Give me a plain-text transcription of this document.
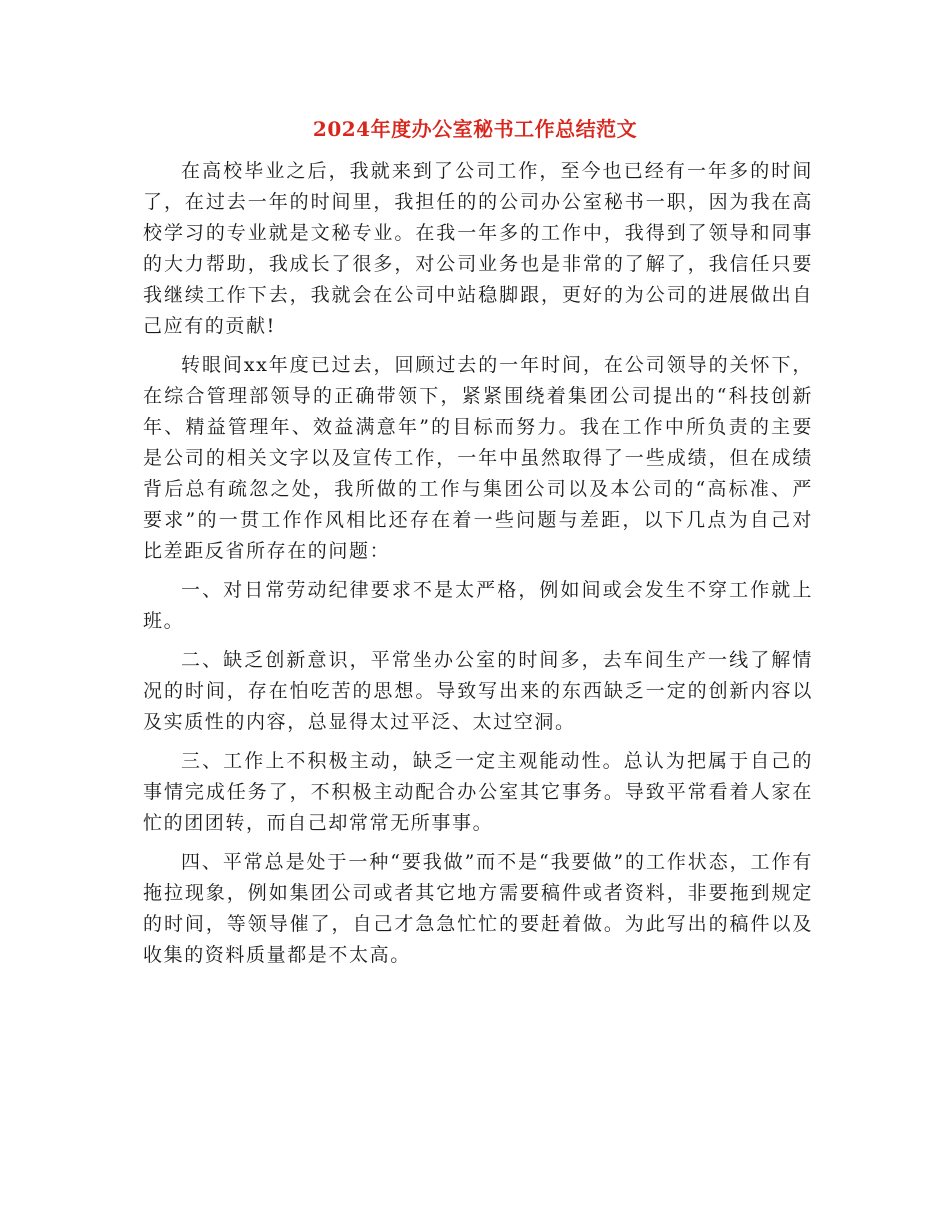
2024年度办公室秘书工作总结范文

在高校毕业之后，我就来到了公司工作，至今也已经有一年多的时间了，在过去一年的时间里，我担任的的公司办公室秘书一职，因为我在高校学习的专业就是文秘专业。在我一年多的工作中，我得到了领导和同事的大力帮助，我成长了很多，对公司业务也是非常的了解了，我信任只要我继续工作下去，我就会在公司中站稳脚跟，更好的为公司的进展做出自己应有的贡献!

转眼间xx年度已过去，回顾过去的一年时间，在公司领导的关怀下，在综合管理部领导的正确带领下，紧紧围绕着集团公司提出的“科技创新年、精益管理年、效益满意年”的目标而努力。我在工作中所负责的主要是公司的相关文字以及宣传工作，一年中虽然取得了一些成绩，但在成绩背后总有疏忽之处，我所做的工作与集团公司以及本公司的“高标准、严要求”的一贯工作作风相比还存在着一些问题与差距，以下几点为自己对比差距反省所存在的问题：

一、对日常劳动纪律要求不是太严格，例如间或会发生不穿工作就上班。

二、缺乏创新意识，平常坐办公室的时间多，去车间生产一线了解情况的时间，存在怕吃苦的思想。导致写出来的东西缺乏一定的创新内容以及实质性的内容，总显得太过平泛、太过空洞。

三、工作上不积极主动，缺乏一定主观能动性。总认为把属于自己的事情完成任务了，不积极主动配合办公室其它事务。导致平常看着人家在忙的团团转，而自己却常常无所事事。

四、平常总是处于一种“要我做”而不是“我要做”的工作状态，工作有拖拉现象，例如集团公司或者其它地方需要稿件或者资料，非要拖到规定的时间，等领导催了，自己才急急忙忙的要赶着做。为此写出的稿件以及收集的资料质量都是不太高。
